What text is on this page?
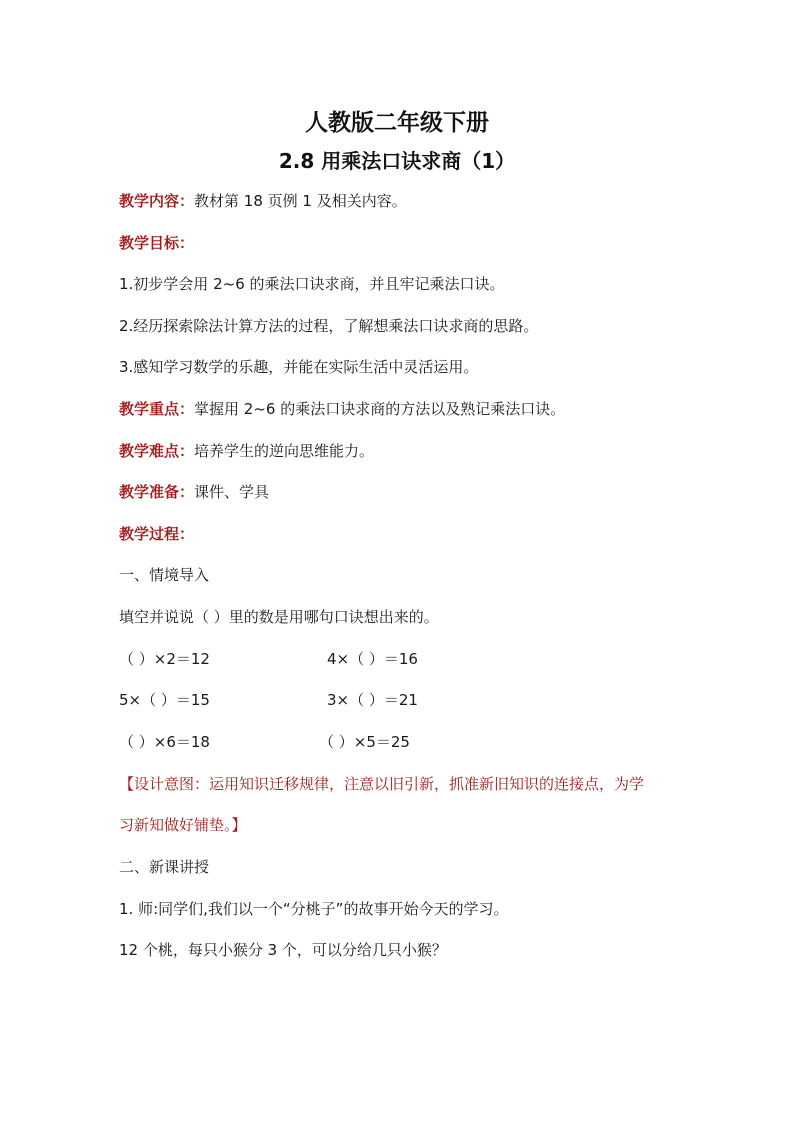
人教版二年级下册
2.8 用乘法口诀求商（1）
教学内容：教材第 18 页例 1 及相关内容。
教学目标：
1.初步学会用 2~6 的乘法口诀求商，并且牢记乘法口诀。
2.经历探索除法计算方法的过程，了解想乘法口诀求商的思路。
3.感知学习数学的乐趣，并能在实际生活中灵活运用。
教学重点：掌握用 2~6 的乘法口诀求商的方法以及熟记乘法口诀。
教学难点：培养学生的逆向思维能力。
教学准备：课件、学具
教学过程：
一、情境导入
填空并说说（ ）里的数是用哪句口诀想出来的。
（ ）×2＝12	4×（ ）＝16
5×（ ）＝15	3×（ ）＝21
（ ）×6＝18	（ ）×5＝25
【设计意图：运用知识迁移规律，注意以旧引新，抓准新旧知识的连接点，为学
习新知做好铺垫。】
二、新课讲授
1. 师:同学们,我们以一个“分桃子”的故事开始今天的学习。
12 个桃，每只小猴分 3 个，可以分给几只小猴？
